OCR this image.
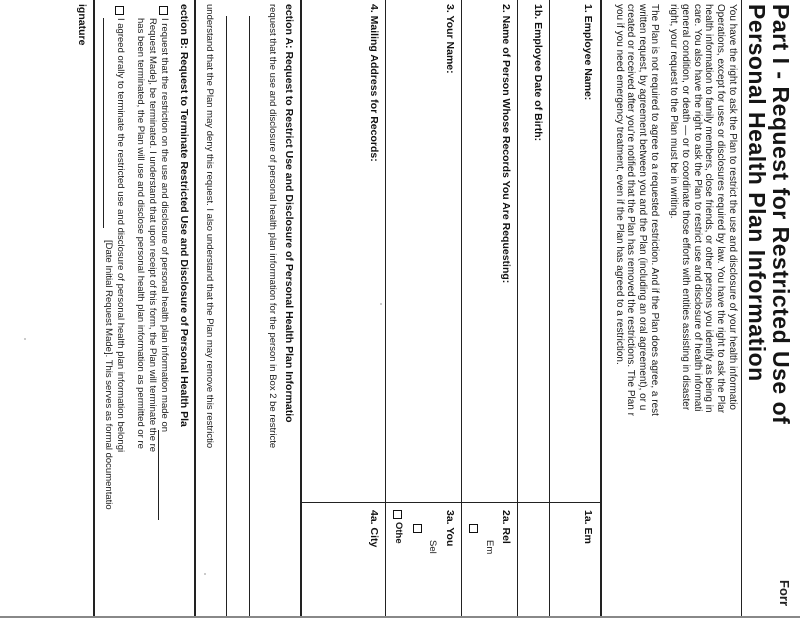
Forr
Part I - Request for Restricted Use of
Personal Health Plan Information
You have the right to ask the Plan to restrict the use and disclosure of your health informatio
Operations, except for uses or disclosures required by law. You have the right to ask the Plar
health information to family members, close friends, or other persons you identify as being in
care. You also have the right to ask the Plan to restrict use and disclosure of health informati
general condition, or death — or to coordinate those efforts with entities assisting in disaster
right, your request to the Plan must be in writing.
The Plan is not required to agree to a requested restriction. And if the Plan does agree, a rest
written request, by agreement between you and the Plan (including an oral agreement), or u
created or received after you're notified that the Plan has removed the restrictions. The Plan r
you if you need emergency treatment, even if the Plan has agreed to a restriction.
1. Employee Name:
1a. Em
1b. Employee Date of Birth:
2. Name of Person Whose Records You Are Requesting:
2a. Rel
Em
3. Your Name:
3a. You
Sel
Othe
4. Mailing Address for Records:
4a. City
ection A: Request to Restrict Use and Disclosure of Personal Health Plan Informatio
request that the use and disclosure of personal health plan information for the person in Box 2 be restricte
understand that the Plan may deny this request. I also understand that the Plan may remove this restrictio
ection B: Request to Terminate Restricted Use and Disclosure of Personal Health Pla
I request that the restriction on the use and disclosure of personal health plan information made on
Request Made], be terminated. I understand that upon receipt of this form, the Plan will terminate the re
has been terminated, the Plan will use and disclose personal health plan information as permitted or re
I agreed orally to terminate the restricted use and disclosure of personal health plan information belongi
[Date Initial Request Made]. This serves as formal documentatio
ignature
